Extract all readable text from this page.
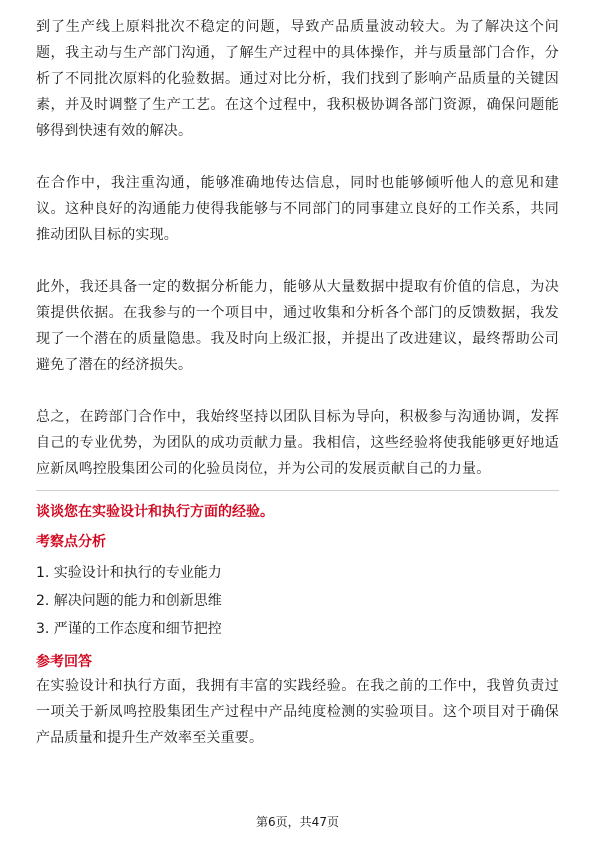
到了生产线上原料批次不稳定的问题，导致产品质量波动较大。为了解决这个问题，我主动与生产部门沟通，了解生产过程中的具体操作，并与质量部门合作，分析了不同批次原料的化验数据。通过对比分析，我们找到了影响产品质量的关键因素，并及时调整了生产工艺。在这个过程中，我积极协调各部门资源，确保问题能够得到快速有效的解决。

在合作中，我注重沟通，能够准确地传达信息，同时也能够倾听他人的意见和建议。这种良好的沟通能力使得我能够与不同部门的同事建立良好的工作关系，共同推动团队目标的实现。

此外，我还具备一定的数据分析能力，能够从大量数据中提取有价值的信息，为决策提供依据。在我参与的一个项目中，通过收集和分析各个部门的反馈数据，我发现了一个潜在的质量隐患。我及时向上级汇报，并提出了改进建议，最终帮助公司避免了潜在的经济损失。

总之，在跨部门合作中，我始终坚持以团队目标为导向，积极参与沟通协调，发挥自己的专业优势，为团队的成功贡献力量。我相信，这些经验将使我能够更好地适应新凤鸣控股集团公司的化验员岗位，并为公司的发展贡献自己的力量。

谈谈您在实验设计和执行方面的经验。
考察点分析
1. 实验设计和执行的专业能力
2. 解决问题的能力和创新思维
3. 严谨的工作态度和细节把控
参考回答

在实验设计和执行方面，我拥有丰富的实践经验。在我之前的工作中，我曾负责过一项关于新凤鸣控股集团生产过程中产品纯度检测的实验项目。这个项目对于确保产品质量和提升生产效率至关重要。

第6页，共47页
